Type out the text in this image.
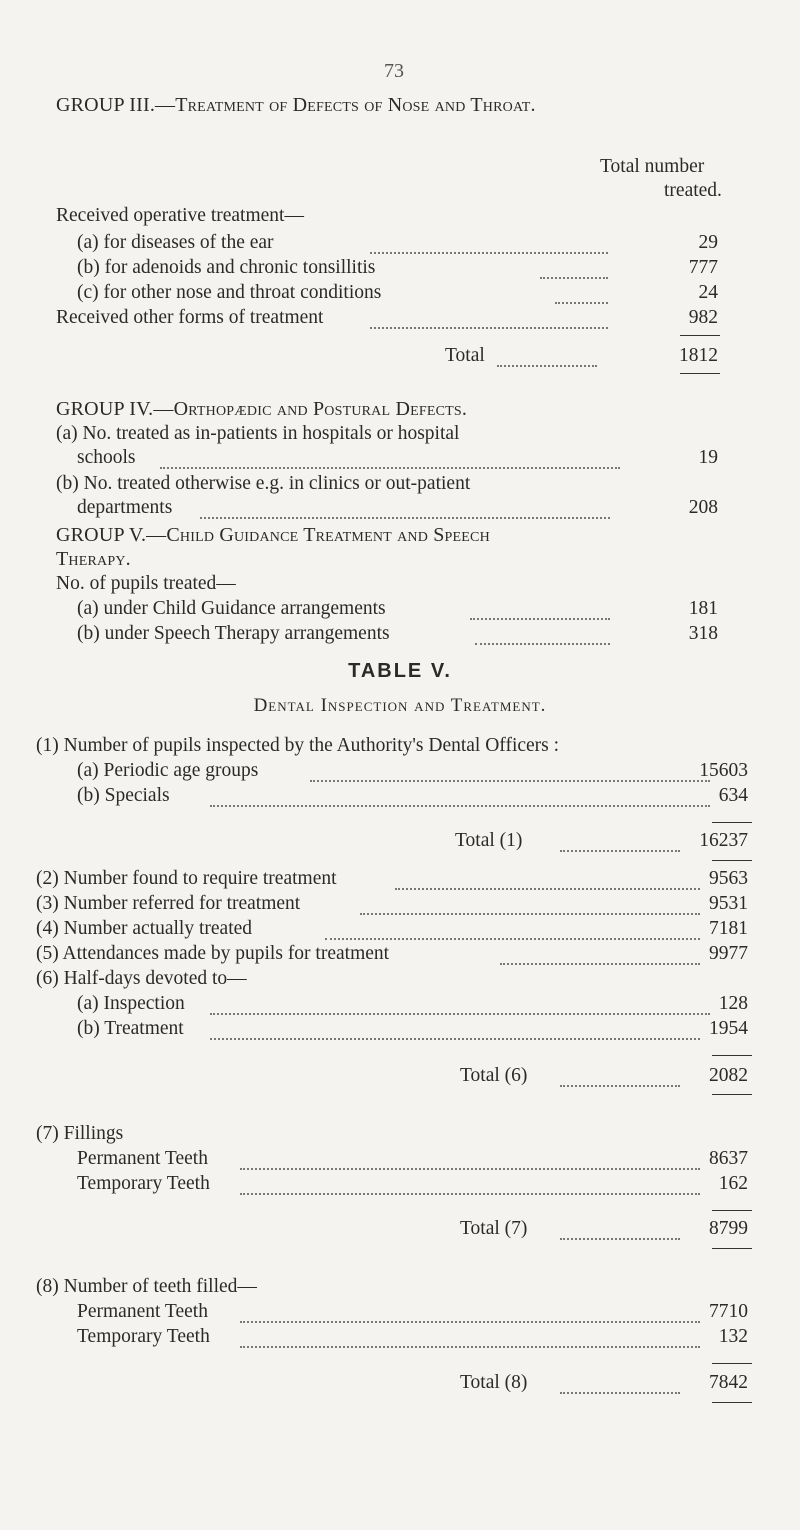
73
GROUP III.—Treatment of Defects of Nose and Throat.
Total number
treated.
Received operative treatment—
(a) for diseases of the ear	29
(b) for adenoids and chronic tonsillitis	777
(c) for other nose and throat conditions	24
Received other forms of treatment	982
Total	1812
GROUP IV.—Orthopædic and Postural Defects.
(a) No. treated as in-patients in hospitals or hospital
schools	19
(b) No. treated otherwise e.g. in clinics or out-patient
departments	208
GROUP V.—Child Guidance Treatment and Speech
Therapy.
No. of pupils treated—
(a) under Child Guidance arrangements	181
(b) under Speech Therapy arrangements	318
TABLE V.
Dental Inspection and Treatment.
(1) Number of pupils inspected by the Authority's Dental Officers :
(a) Periodic age groups	15603
(b) Specials	634
Total (1)	16237
(2) Number found to require treatment	9563
(3) Number referred for treatment	9531
(4) Number actually treated	7181
(5) Attendances made by pupils for treatment	9977
(6) Half-days devoted to—
(a) Inspection	128
(b) Treatment	1954
Total (6)	2082
(7) Fillings
Permanent Teeth	8637
Temporary Teeth	162
Total (7)	8799
(8) Number of teeth filled—
Permanent Teeth	7710
Temporary Teeth	132
Total (8)	7842
